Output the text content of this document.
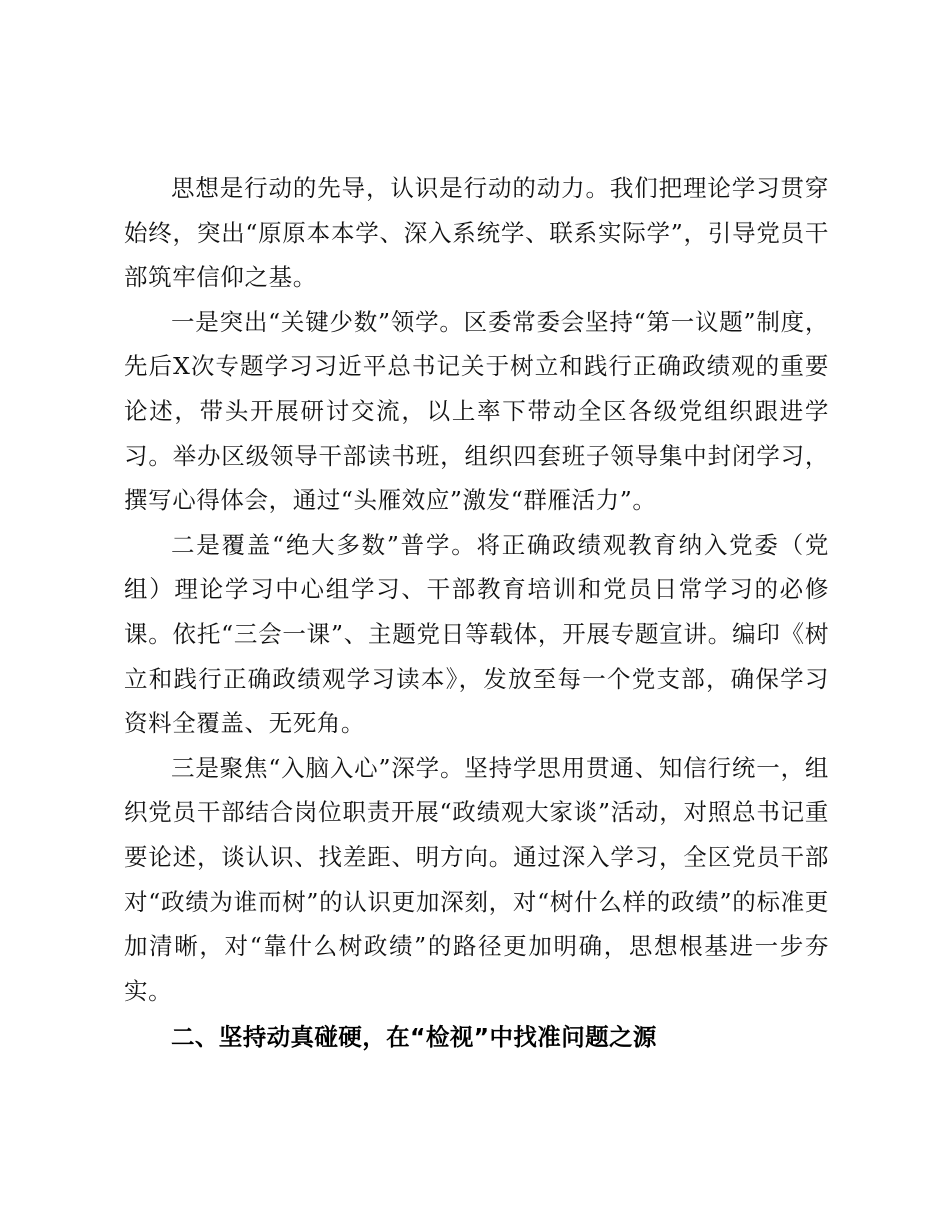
思想是行动的先导，认识是行动的动力。我们把理论学习贯穿始终，突出“原原本本学、深入系统学、联系实际学”，引导党员干部筑牢信仰之基。

一是突出“关键少数”领学。区委常委会坚持“第一议题”制度，先后X次专题学习习近平总书记关于树立和践行正确政绩观的重要论述，带头开展研讨交流，以上率下带动全区各级党组织跟进学习。举办区级领导干部读书班，组织四套班子领导集中封闭学习，撰写心得体会，通过“头雁效应”激发“群雁活力”。

二是覆盖“绝大多数”普学。将正确政绩观教育纳入党委（党组）理论学习中心组学习、干部教育培训和党员日常学习的必修课。依托“三会一课”、主题党日等载体，开展专题宣讲。编印《树立和践行正确政绩观学习读本》，发放至每一个党支部，确保学习资料全覆盖、无死角。

三是聚焦“入脑入心”深学。坚持学思用贯通、知信行统一，组织党员干部结合岗位职责开展“政绩观大家谈”活动，对照总书记重要论述，谈认识、找差距、明方向。通过深入学习，全区党员干部对“政绩为谁而树”的认识更加深刻，对“树什么样的政绩”的标准更加清晰，对“靠什么树政绩”的路径更加明确，思想根基进一步夯实。

二、坚持动真碰硬，在“检视”中找准问题之源
